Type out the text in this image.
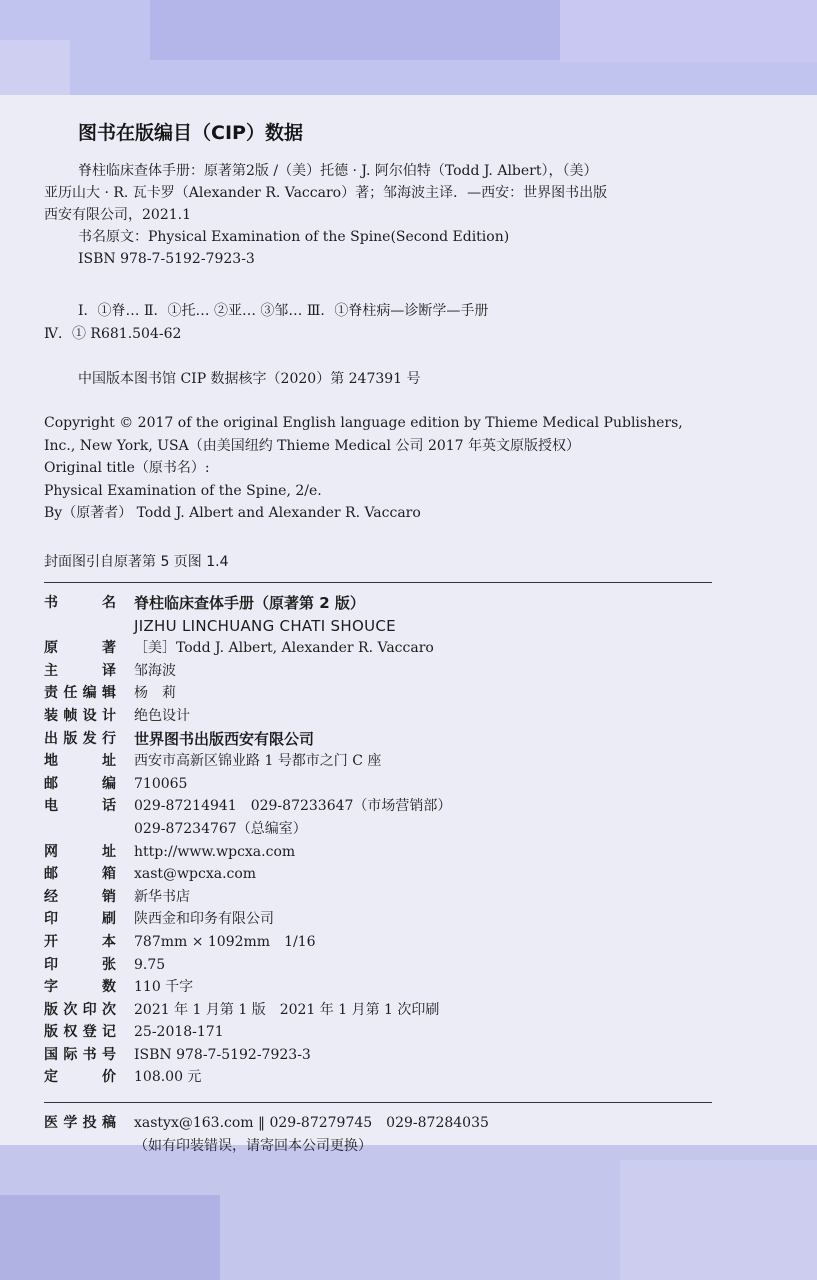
图书在版编目（CIP）数据
脊柱临床查体手册：原著第2版 /（美）托德 · J. 阿尔伯特（Todd J. Albert），（美）
亚历山大 · R. 瓦卡罗（Alexander R. Vaccaro）著；邹海波主译．—西安：世界图书出版
西安有限公司，2021.1
书名原文：Physical Examination of the Spine(Second Edition)
ISBN 978-7-5192-7923-3
Ⅰ．①脊… Ⅱ．①托… ②亚… ③邹… Ⅲ．①脊柱病—诊断学—手册
Ⅳ．① R681.504-62
中国版本图书馆 CIP 数据核字（2020）第 247391 号
Copyright © 2017 of the original English language edition by Thieme Medical Publishers,
Inc., New York, USA（由美国纽约 Thieme Medical 公司 2017 年英文原版授权）
Original title（原书名）:
Physical Examination of the Spine, 2/e.
By（原著者） Todd J. Albert and Alexander R. Vaccaro
封面图引自原著第 5 页图 1.4
书　名 脊柱临床查体手册（原著第 2 版）
JIZHU LINCHUANG CHATI SHOUCE
原　著 ［美］Todd J. Albert, Alexander R. Vaccaro
主　译 邹海波
责任编辑 杨　莉
装帧设计 绝色设计
出版发行 世界图书出版西安有限公司
地　址 西安市高新区锦业路 1 号都市之门 C 座
邮　编 710065
电　话 029-87214941　029-87233647（市场营销部）
029-87234767（总编室）
网　址 http://www.wpcxa.com
邮　箱 xast@wpcxa.com
经　销 新华书店
印　刷 陕西金和印务有限公司
开　本 787mm × 1092mm　1/16
印　张 9.75
字　数 110 千字
版次印次 2021 年 1 月第 1 版　2021 年 1 月第 1 次印刷
版权登记 25-2018-171
国际书号 ISBN 978-7-5192-7923-3
定　价 108.00 元
医学投稿 xastyx@163.com ‖ 029-87279745　029-87284035
（如有印装错误，请寄回本公司更换）
